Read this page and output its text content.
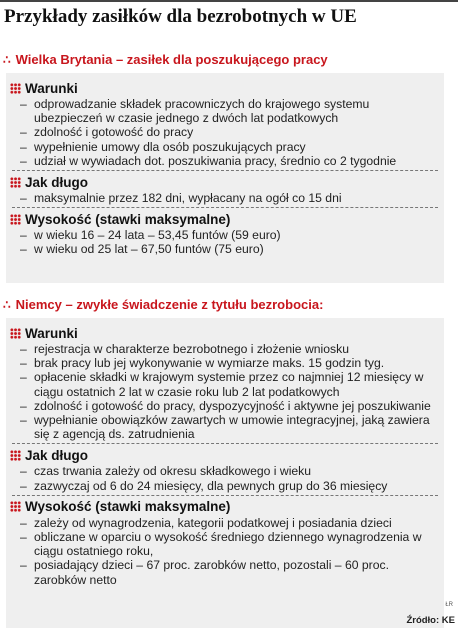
Przykłady zasiłków dla bezrobotnych w UE
∴ Wielka Brytania – zasiłek dla poszukującego pracy
Warunki
– odprowadzanie składek pracowniczych do krajowego systemu ubezpieczeń w czasie jednego z dwóch lat podatkowych
– zdolność i gotowość do pracy
– wypełnienie umowy dla osób poszukujących pracy
– udział w wywiadach dot. poszukiwania pracy, średnio co 2 tygodnie
Jak długo
– maksymalnie przez 182 dni, wypłacany na ogół co 15 dni
Wysokość (stawki maksymalne)
– w wieku 16 – 24 lata – 53,45 funtów (59 euro)
– w wieku od 25 lat – 67,50 funtów (75 euro)
∴ Niemcy – zwykłe świadczenie z tytułu bezrobocia:
Warunki
– rejestracja w charakterze bezrobotnego i złożenie wniosku
– brak pracy lub jej wykonywanie w wymiarze maks. 15 godzin tyg.
– opłacenie składki w krajowym systemie przez co najmniej 12 miesięcy w ciągu ostatnich 2 lat w czasie roku lub 2 lat podatkowych
– zdolność i gotowość do pracy, dyspozycyjność i aktywne jej poszukiwanie
– wypełnianie obowiązków zawartych w umowie integracyjnej, jaką zawiera się z agencją ds. zatrudnienia
Jak długo
– czas trwania zależy od okresu składkowego i wieku
– zazwyczaj od 6 do 24 miesięcy, dla pewnych grup do 36 miesięcy
Wysokość (stawki maksymalne)
– zależy od wynagrodzenia, kategorii podatkowej i posiadania dzieci
– obliczane w oparciu o wysokość średniego dziennego wynagrodzenia w ciągu ostatniego roku,
– posiadający dzieci – 67 proc. zarobków netto, pozostali – 60 proc. zarobków netto
ŁR
Źródło: KE
